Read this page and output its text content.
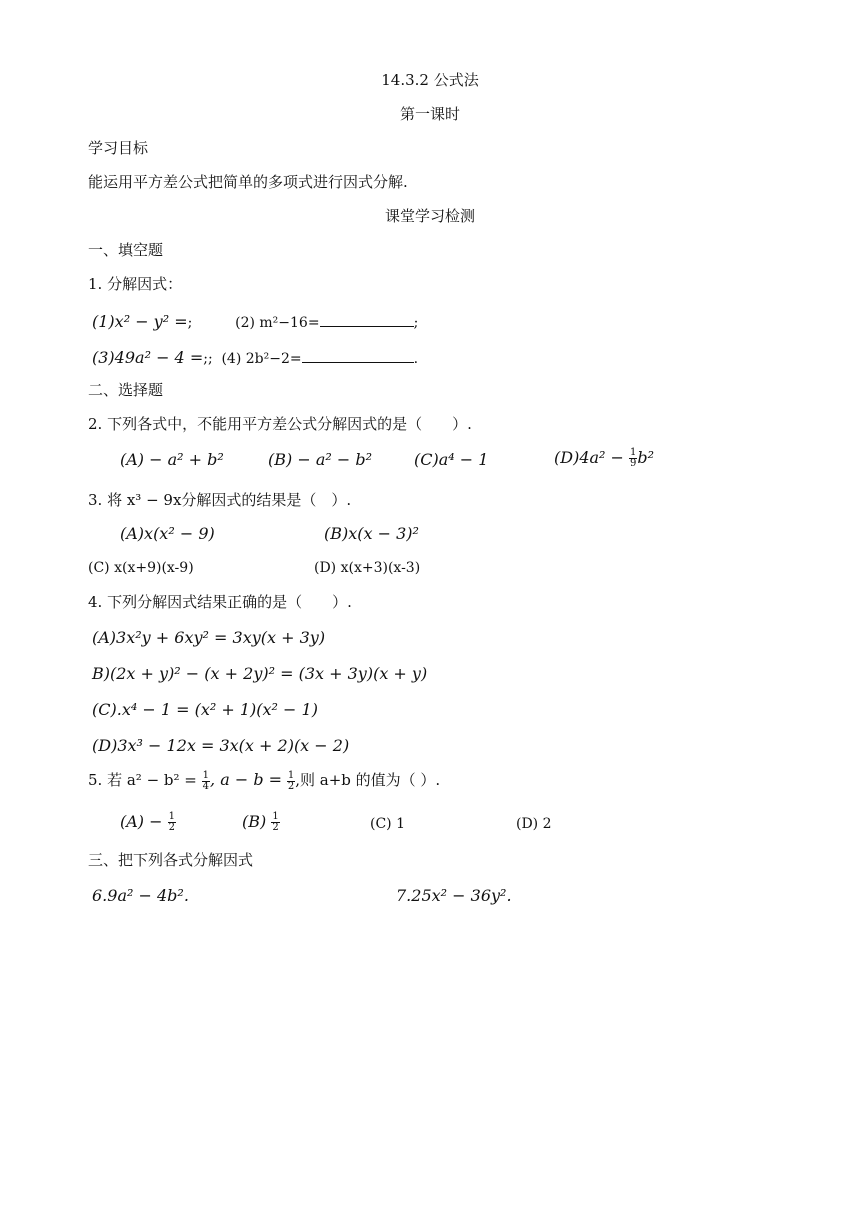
14.3.2 公式法
第一课时
学习目标
能运用平方差公式把简单的多项式进行因式分解.
课堂学习检测
一、填空题
1. 分解因式：
(1)x² − y² =;	(2) m²−16=	;
(3)49a² − 4 =;; (4) 2b²−2=	.
二、选择题
2. 下列各式中，不能用平方差公式分解因式的是（　　）.
(A) − a² + b²	(B) − a² − b²	(C)a⁴ − 1	$(D)4a^2 - \frac{1}{9} b^2$
3. 将 x³ − 9x分解因式的结果是（　）.
(A)x(x² − 9)	(B)x(x − 3)²
(C) x(x+9)(x-9)	(D) x(x+3)(x-3)
4. 下列分解因式结果正确的是（　　）.
(A)3x²y + 6xy² = 3xy(x + 3y)
B)(2x + y)² − (x + 2y)² = (3x + 3y)(x + y)
(C).x⁴ − 1 = (x² + 1)(x² − 1)
(D)3x³ − 12x = 3x(x + 2)(x − 2)
5. 若 $a^2 - b^2 = \frac{1}{4}$ , $a - b = \frac{1}{2}$ ,则 a+b 的值为（ ）.
$(A) - \frac{1}{2}$	$(B) \frac{1}{2}$	(C) 1	(D) 2
三、把下列各式分解因式
6.9a² − 4b².	7.25x² − 36y².
